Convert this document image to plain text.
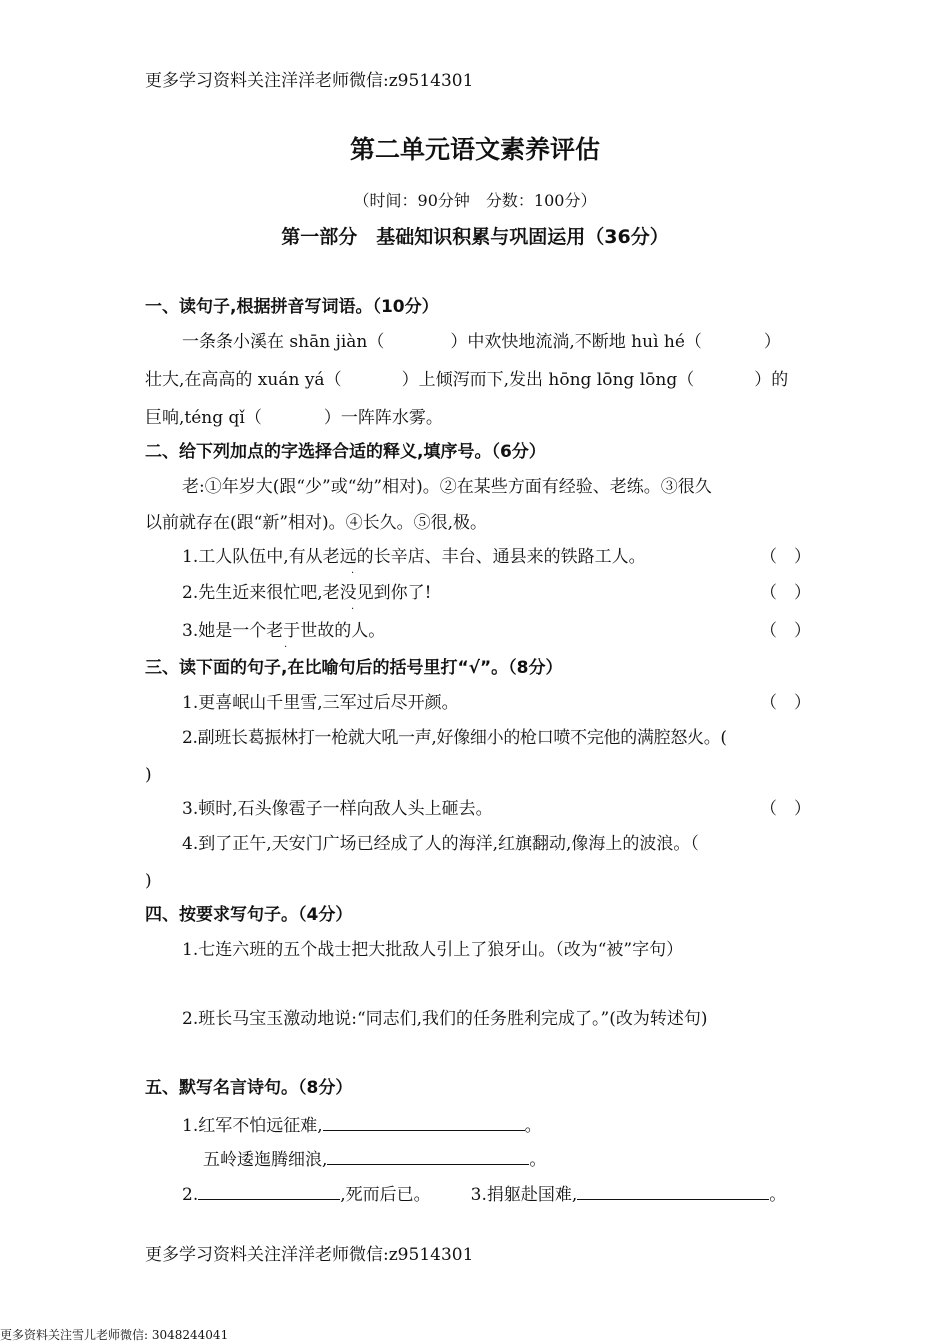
更多学习资料关注洋洋老师微信:z9514301
第二单元语文素养评估
（时间：90分钟　分数：100分）
第一部分　基础知识积累与巩固运用（36分）
一、读句子,根据拼音写词语。（10分）
一条条小溪在 shān jiàn（	）中欢快地流淌,不断地 huì hé（	）
壮大,在高高的 xuán yá（	）上倾泻而下,发出 hōng lōng lōng（	）的
巨响,téng qǐ（	）一阵阵水雾。
二、给下列加点的字选择合适的释义,填序号。（6分）
老:①年岁大(跟“少”或“幼”相对)。②在某些方面有经验、老练。③很久
以前就存在(跟“新”相对)。④长久。⑤很,极。
1.工人队伍中,有从老远的长辛店、丰台、通县来的铁路工人。
·
（　）
2.先生近来很忙吧,老没见到你了!
·
（　）
3.她是一个老于世故的人。
·
（　）
三、读下面的句子,在比喻句后的括号里打“√”。（8分）
1.更喜岷山千里雪,三军过后尽开颜。	（　）
2.副班长葛振林打一枪就大吼一声,好像细小的枪口喷不完他的满腔怒火。(
)
3.顿时,石头像雹子一样向敌人头上砸去。	（　）
4.到了正午,天安门广场已经成了人的海洋,红旗翻动,像海上的波浪。（
)
四、按要求写句子。（4分）
1.七连六班的五个战士把大批敌人引上了狼牙山。（改为“被”字句）
2.班长马宝玉激动地说:“同志们,我们的任务胜利完成了。”(改为转述句)
五、默写名言诗句。（8分）
1.红军不怕远征难,	。
五岭逶迤腾细浪,	。
2.	,死而后已。 3.捐躯赴国难,	。
更多学习资料关注洋洋老师微信:z9514301
更多资料关注雪儿老师微信: 3048244041
